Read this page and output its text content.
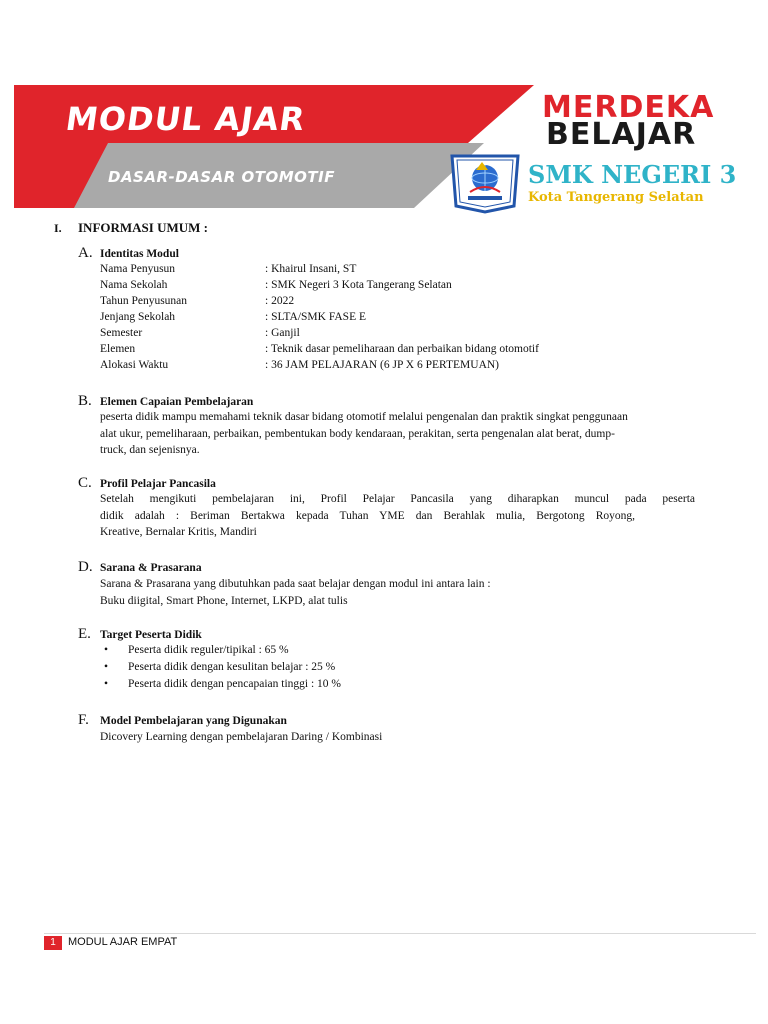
MODUL AJAR
DASAR-DASAR OTOMOTIF
MERDEKA
BELAJAR
SMK NEGERI 3
Kota Tangerang Selatan
I. INFORMASI UMUM :
A. Identitas Modul
Nama Penyusun	: Khairul Insani, ST
Nama Sekolah	: SMK Negeri 3 Kota Tangerang Selatan
Tahun Penyusunan	: 2022
Jenjang Sekolah	: SLTA/SMK FASE E
Semester	: Ganjil
Elemen	: Teknik dasar pemeliharaan dan perbaikan bidang otomotif
Alokasi Waktu	: 36 JAM PELAJARAN (6 JP X 6 PERTEMUAN)
B. Elemen Capaian Pembelajaran
peserta didik mampu memahami teknik dasar bidang otomotif melalui pengenalan dan praktik singkat penggunaan
alat ukur, pemeliharaan, perbaikan, pembentukan body kendaraan, perakitan, serta pengenalan alat berat, dump-
truck, dan sejenisnya.
C. Profil Pelajar Pancasila
Setelah mengikuti pembelajaran ini, Profil Pelajar Pancasila yang diharapkan muncul pada peserta
didik adalah : Beriman Bertakwa kepada Tuhan YME dan Berahlak mulia, Bergotong Royong,
Kreative, Bernalar Kritis, Mandiri
D. Sarana & Prasarana
Sarana & Prasarana yang dibutuhkan pada saat belajar dengan modul ini antara lain :
Buku diigital, Smart Phone, Internet, LKPD, alat tulis
E. Target Peserta Didik
• Peserta didik reguler/tipikal : 65 %
• Peserta didik dengan kesulitan belajar : 25 %
• Peserta didik dengan pencapaian tinggi : 10 %
F. Model Pembelajaran yang Digunakan
Dicovery Learning dengan pembelajaran Daring / Kombinasi
1	MODUL AJAR EMPAT
